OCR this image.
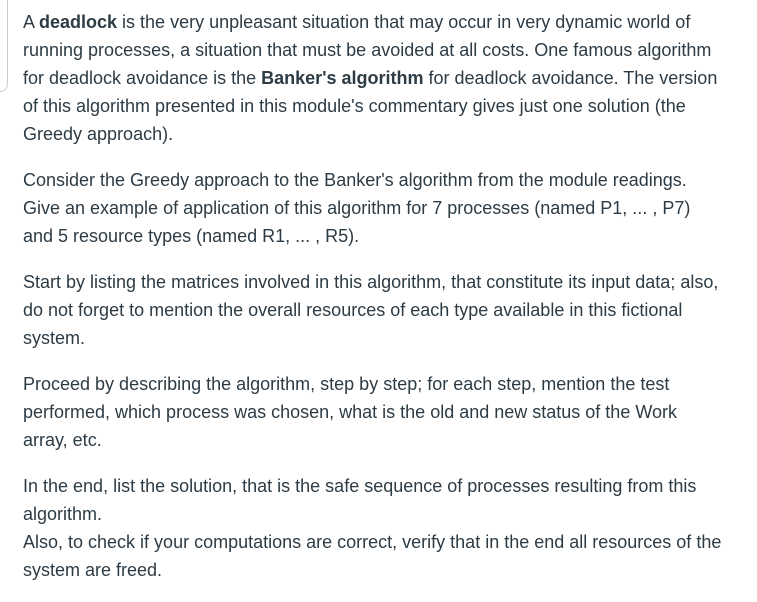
A deadlock is the very unpleasant situation that may occur in very dynamic world of running processes, a situation that must be avoided at all costs. One famous algorithm for deadlock avoidance is the Banker's algorithm for deadlock avoidance. The version of this algorithm presented in this module's commentary gives just one solution (the Greedy approach).

Consider the Greedy approach to the Banker's algorithm from the module readings. Give an example of application of this algorithm for 7 processes (named P1, ... , P7) and 5 resource types (named R1, ... , R5).

Start by listing the matrices involved in this algorithm, that constitute its input data; also, do not forget to mention the overall resources of each type available in this fictional system.

Proceed by describing the algorithm, step by step; for each step, mention the test performed, which process was chosen, what is the old and new status of the Work array, etc.

In the end, list the solution, that is the safe sequence of processes resulting from this algorithm.
Also, to check if your computations are correct, verify that in the end all resources of the system are freed.
